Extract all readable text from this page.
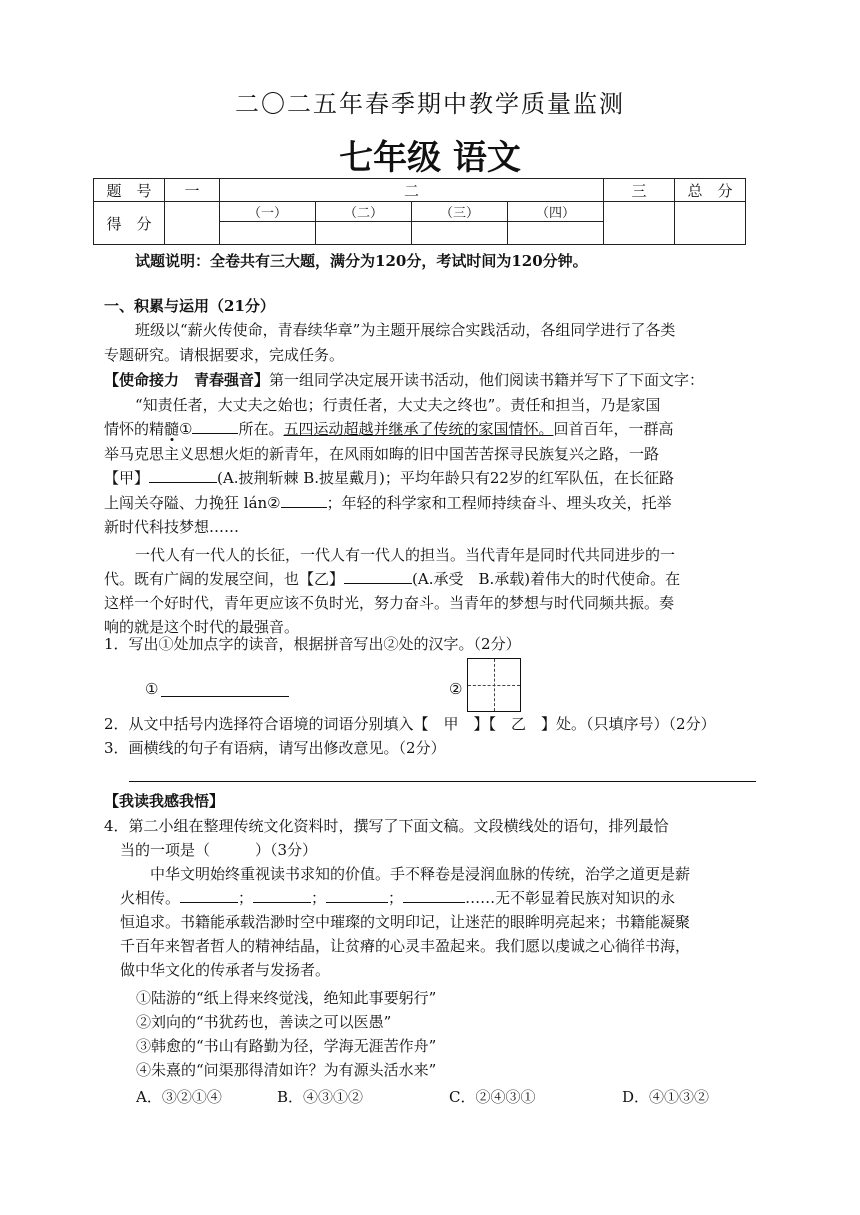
二〇二五年春季期中教学质量监测
七年级 语文
题　号	一	二				三	总　分
得　分		（一）	（二）	（三）	（四）		

试题说明：全卷共有三大题，满分为120分，考试时间为120分钟。
一、积累与运用（21分）
班级以“薪火传使命，青春续华章”为主题开展综合实践活动，各组同学进行了各类
专题研究。请根据要求，完成任务。
【使命接力　青春强音】第一组同学决定展开读书活动，他们阅读书籍并写下了下面文字：
“知责任者，大丈夫之始也；行责任者，大丈夫之终也”。责任和担当，乃是家国
情怀的精髓①	所在。五四运动超越并继承了传统的家国情怀。回首百年，一群高
举马克思主义思想火炬的新青年，在风雨如晦的旧中国苦苦探寻民族复兴之路，一路
【甲】	(A.披荆斩棘 B.披星戴月)；平均年龄只有22岁的红军队伍，在长征路
上闯关夺隘、力挽狂 lán②	；年轻的科学家和工程师持续奋斗、埋头攻关，托举
新时代科技梦想……
一代人有一代人的长征，一代人有一代人的担当。当代青年是同时代共同进步的一
代。既有广阔的发展空间，也【乙】	(A.承受　B.承载)着伟大的时代使命。在
这样一个好时代，青年更应该不负时光，努力奋斗。当青年的梦想与时代同频共振。奏
响的就是这个时代的最强音。
1．写出①处加点字的读音，根据拼音写出②处的汉字。（2分）
①	②
2．从文中括号内选择符合语境的词语分别填入【　甲　】【　乙　】处。（只填序号）（2分）
3．画横线的句子有语病，请写出修改意见。（2分）
【我读我感我悟】
4．第二小组在整理传统文化资料时，撰写了下面文稿。文段横线处的语句，排列最恰
当的一项是（　　　）（3分）
中华文明始终重视读书求知的价值。手不释卷是浸润血脉的传统，治学之道更是薪
火相传。	；	；	；	……无不彰显着民族对知识的永
恒追求。书籍能承载浩渺时空中璀璨的文明印记，让迷茫的眼眸明亮起来；书籍能凝聚
千百年来智者哲人的精神结晶，让贫瘠的心灵丰盈起来。我们愿以虔诚之心徜徉书海，
做中华文化的传承者与发扬者。
①陆游的“纸上得来终觉浅，绝知此事要躬行”
②刘向的“书犹药也，善读之可以医愚”
③韩愈的“书山有路勤为径，学海无涯苦作舟”
④朱熹的“问渠那得清如许？为有源头活水来”
A．③②①④	B．④③①②	C．②④③①	D．④①③②
